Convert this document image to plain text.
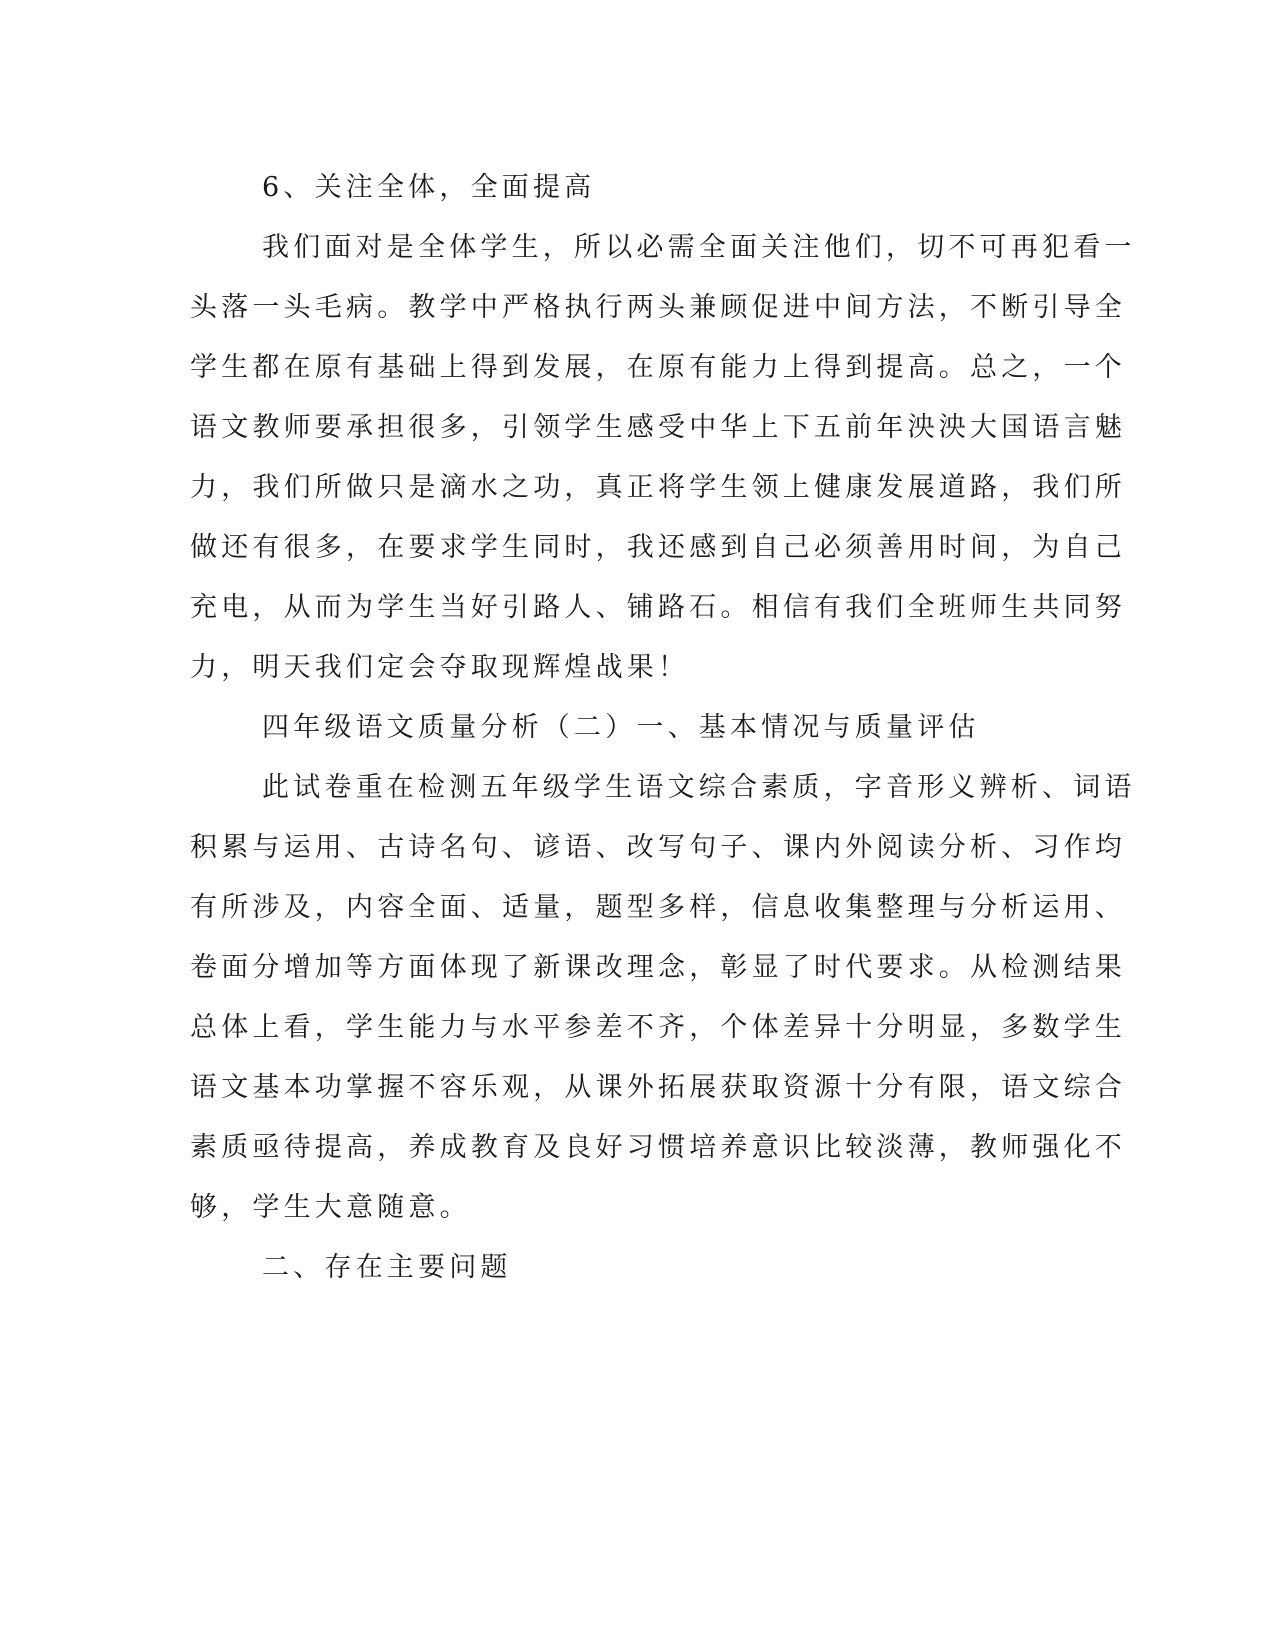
6、关注全体，全面提高
我们面对是全体学生，所以必需全面关注他们，切不可再犯看一
头落一头毛病。教学中严格执行两头兼顾促进中间方法，不断引导全
学生都在原有基础上得到发展，在原有能力上得到提高。总之，一个
语文教师要承担很多，引领学生感受中华上下五前年泱泱大国语言魅
力，我们所做只是滴水之功，真正将学生领上健康发展道路，我们所
做还有很多，在要求学生同时，我还感到自己必须善用时间，为自己
充电，从而为学生当好引路人、铺路石。相信有我们全班师生共同努
力，明天我们定会夺取现辉煌战果！
四年级语文质量分析（二）一、基本情况与质量评估
此试卷重在检测五年级学生语文综合素质，字音形义辨析、词语
积累与运用、古诗名句、谚语、改写句子、课内外阅读分析、习作均
有所涉及，内容全面、适量，题型多样，信息收集整理与分析运用、
卷面分增加等方面体现了新课改理念，彰显了时代要求。从检测结果
总体上看，学生能力与水平参差不齐，个体差异十分明显，多数学生
语文基本功掌握不容乐观，从课外拓展获取资源十分有限，语文综合
素质亟待提高，养成教育及良好习惯培养意识比较淡薄，教师强化不
够，学生大意随意。
二、存在主要问题
